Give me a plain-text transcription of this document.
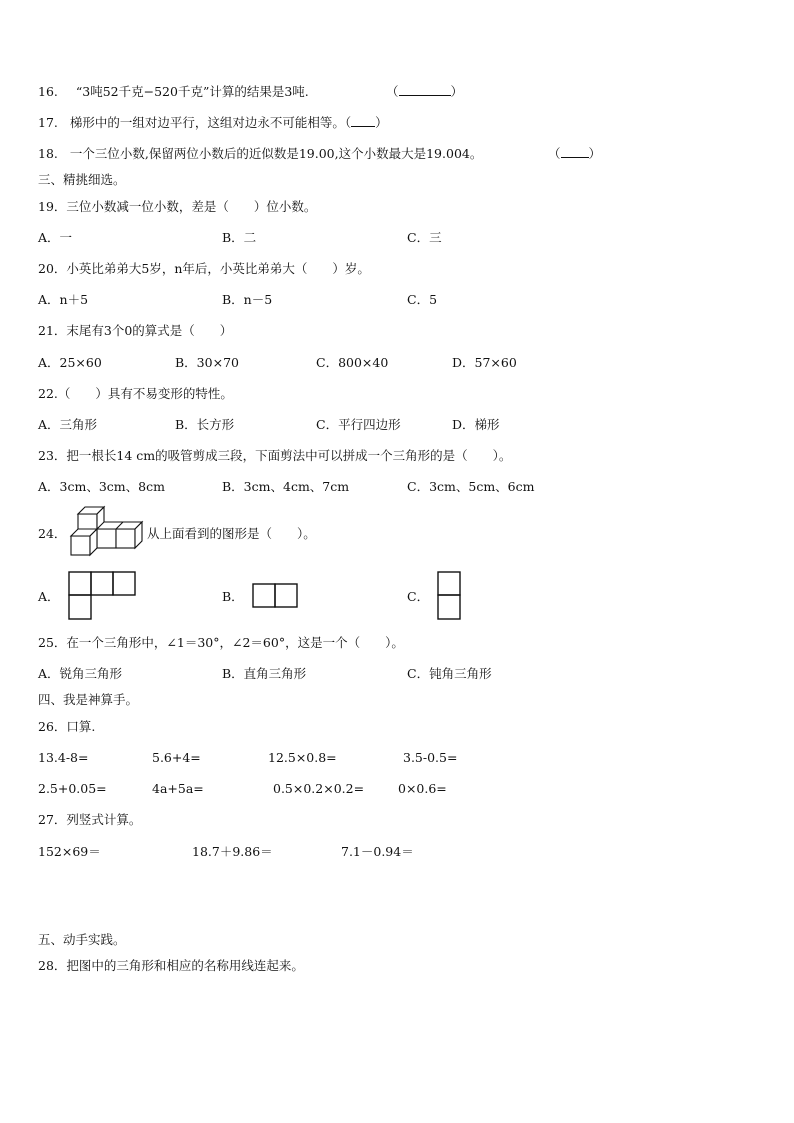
16. “3吨52千克−520千克”计算的结果是3吨.	（	）
17. 梯形中的一组对边平行，这组对边永不可能相等。（ ）
18. 一个三位小数,保留两位小数后的近似数是19.00,这个小数最大是19.004。	（ ）
三、精挑细选。
19．三位小数减一位小数，差是（　　）位小数。
A．一	B．二	C．三
20．小英比弟弟大5岁，n年后，小英比弟弟大（　　）岁。
A．n＋5	B．n－5	C．5
21．末尾有3个0的算式是（　　）
A．25×60	B．30×70	C．800×40	D．57×60
22.（　　）具有不易变形的特性。
A．三角形	B．长方形	C．平行四边形	D．梯形
23．把一根长14 cm的吸管剪成三段，下面剪法中可以拼成一个三角形的是（　　）。
A．3cm、3cm、8cm	B．3cm、4cm、7cm	C．3cm、5cm、6cm
24．	从上面看到的图形是（　　）。
A．	B．	C．
25．在一个三角形中，∠1＝30°，∠2＝60°，这是一个（　　）。
A．锐角三角形	B．直角三角形	C．钝角三角形
四、我是神算手。
26．口算.
13.4-8=	5.6+4=	12.5×0.8=	3.5-0.5=
2.5+0.05=	4a+5a=	0.5×0.2×0.2=	0×0.6=
27．列竖式计算。
152×69＝	18.7＋9.86＝	7.1－0.94＝
五、动手实践。
28．把图中的三角形和相应的名称用线连起来。
